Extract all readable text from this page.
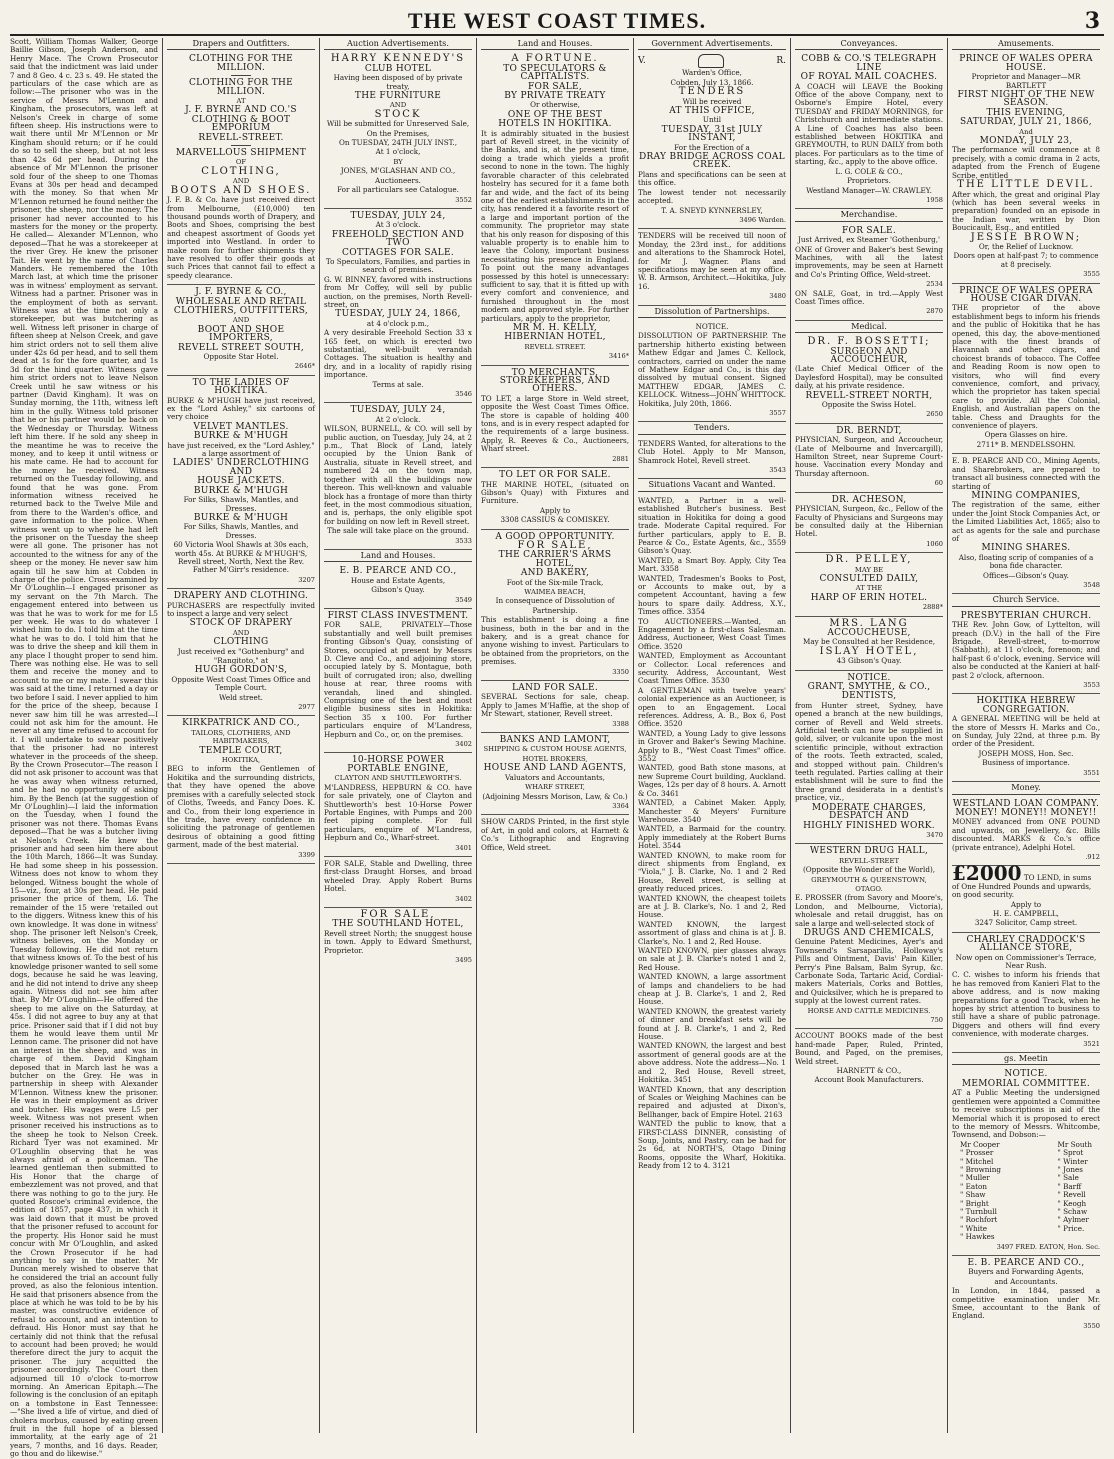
THE WEST COAST TIMES.	3

Scott, William Thomas Walker, George Baillie Gibson, Joseph Anderson, and Henry Mace. The Crown Prosecutor said that the indictment was laid under 7 and 8 Geo. 4 c. 23 s. 49. He stated the particulars of the case which are as follow:—The prisoner who was in the service of Messrs M'Lennon and Kingham, the prosecutors, was left at Nelson's Creek in charge of some fifteen sheep. His instructions were to wait there until Mr M'Lennon or Mr Kingham should return; or if he could do so to sell the sheep, but at not less than 42s 6d per head. During the absence of Mr M'Lennon the prisoner sold four of the sheep to one Thomas Evans at 30s per head and decamped with the money. So that when Mr M'Lennon returned he found neither the prisoner, the sheep, nor the money. The prisoner had never accounted to his masters for the money or the property. He called— Alexander M'Lennon, who deposed—That he was a storekeeper at the river Grey. He knew the prisoner Tait. He went by the name of Charles Manders. He remembered the 10th March last, at which time the prisoner was in witness' employment as servant. Witness had a partner. Prisoner was in the employment of both as servant. Witness was at the time not only a storekeeper, but was butchering as well. Witness left prisoner in charge of fifteen sheep at Nelson Creek, and gave him strict orders not to sell them alive under 42s 6d per head, and to sell them dead at 1s for the fore quarter, and 1s 3d for the hind quarter. Witness gave him strict orders not to leave Nelson Creek until he saw witness or his partner (David Kingham). It was on Sunday morning, the 11th, witness left him in the gully. Witness told prisoner that he or his partner would be back on the Wednesday or Thursday. Witness left him there. If he sold any sheep in the meantime he was to receive the money, and to keep it until witness or his mate came. He had to account for the money he received. Witness returned on the Tuesday following, and found that he was gone. From information witness received he returned back to the Twelve Mile and from there to the Warden's office, and gave information to the police. When witness went up to where he had left the prisoner on the Tuesday the sheep were all gone. The prisoner has not accounted to the witness for any of the sheep or the money. He never saw him again till he saw him at Cobden in charge of the police. Cross-examined by Mr O'Loughlin—I engaged prisoner as my servant on the 7th March. The engagement entered into between us was that he was to work for me for L5 per week. He was to do whatever I wished him to do. I told him at the time what he was to do. I told him that he was to drive the sheep and kill them in any place I thought proper to send him. There was nothing else. He was to sell them and receive the money and to account to me or my mate. I swear this was said at the time. I returned a day or two before I said. I never applied to him for the price of the sheep, because I never saw him till he was arrested—I could not ask him for the amount. He never at any time refused to account for it. I will undertake to swear positively that the prisoner had no interest whatever in the proceeds of the sheep. By the Crown Prosecutor—The reason I did not ask prisoner to account was that he was away when witness returned, and he had no opportunity of asking him. By the Bench (at the suggestion of Mr O'Loughlin)—I laid the information on the Tuesday, when I found the prisoner was not there. Thomas Evans deposed—That he was a butcher living at Nelson's Creek. He knew the prisoner and had seen him there about the 10th March, 1866—It was Sunday. He had some sheep in his possession. Witness does not know to whom they belonged. Witness bought the whole of 15—viz., four, at 30s per head. He paid prisoner the price of them, L6. The remainder of the 15 were 'retailed out to the diggers. Witness knew this of his own knowledge. It was done in witness' shop. The prisoner left Nelson's Creek, witness believes, on the Monday or Tuesday following. He did not return that witness knows of. To the best of his knowledge prisoner wanted to sell some dogs, because he said he was leaving, and he did not intend to drive any sheep again. Witness did not see him after that. By Mr O'Loughlin—He offered the sheep to me alive on the Saturday, at 45s. I did not agree to buy any at that price. Prisoner said that if I did not buy them he would leave them until Mr Lennon came. The prisoner did not have an interest in the sheep, and was in charge of them. David Kingham deposed that in March last he was a butcher on the Grey. He was in partnership in sheep with Alexander M'Lennon. Witness knew the prisoner. He was in their employment as driver and butcher. His wages were L5 per week. Witness was not present when prisoner received his instructions as to the sheep he took to Nelson Creek. Richard Tyer was not examined. Mr O'Loughlin observing that he was always afraid of a policeman. The learned gentleman then submitted to His Honor that the charge of embezzlement was not proved, and that there was nothing to go to the jury. He quoted Roscoe's criminal evidence, the edition of 1857, page 437, in which it was laid down that it must be proved that the prisoner refused to account for the property. His Honor said he must concur with Mr O'Loughlin, and asked the Crown Prosecutor if he had anything to say in the matter. Mr Duncan merely wished to observe that he considered the trial an account fully proved, as also the felonious intention. He said that prisoners absence from the place at which he was told to be by his master, was constructive evidence of refusal to account, and an intention to defraud. His Honor must say that he certainly did not think that the refusal to account had been proved; he would therefore direct the jury to acquit the prisoner. The jury acquitted the prisoner accordingly. The Court then adjourned till 10 o'clock to-morrow morning. An American Epitaph.—The following is the conclusion of an epitaph on a tombstone in East Tennessee:—"She lived a life of virtue, and died of cholera morbus, caused by eating green fruit in the full hope of a blessed immortality, at the early age of 21 years, 7 months, and 16 days. Reader, go thou and do likewise."

Drapers and Outfitters.

CLOTHING FOR THE MILLION.

CLOTHING FOR THE MILLION.

AT

J. F. BYRNE AND CO.'S

CLOTHING & BOOT EMPORIUM

REVELL-STREET.

MARVELLOUS SHIPMENT

OF

CLOTHING,

AND

BOOTS AND SHOES.

J. F. B. & Co. have just received direct from Melbourne, (£10,000) ten thousand pounds worth of Drapery, and Boots and Shoes, comprising the best and cheapest assortment of Goods yet imported into Westland. In order to make room for further shipments they have resolved to offer their goods at such Prices that cannot fail to effect a speedy clearance.

J. F. BYRNE & CO.,

WHOLESALE AND RETAIL

CLOTHIERS, OUTFITTERS,

AND

BOOT AND SHOE IMPORTERS,

REVELL STREET SOUTH,

Opposite Star Hotel.

2646*

TO THE LADIES OF HOKITIKA.

BURKE & M'HUGH have just received, ex the "Lord Ashley," six cartoons of very choice

VELVET MANTLES.

BURKE & M'HUGH

have just received, ex the "Lord Ashley," a large assortment of

LADIES' UNDERCLOTHING AND

HOUSE JACKETS.

BURKE & M'HUGH

For Silks, Shawls, Mantles, and Dresses.

BURKE & M'HUGH

For Silks, Shawls, Mantles, and Dresses.

60 Victoria Wool Shawls at 30s each, worth 45s. At BURKE & M'HUGH'S, Revell street, North, Next the Rev. Father M'Girr's residence.

3207

DRAPERY AND CLOTHING.

PURCHASERS are respectfully invited to inspect a large and very select

STOCK OF DRAPERY

AND

CLOTHING

Just received ex "Gothenburg" and

"Rangitoto," at

HUGH GORDON'S,

Opposite West Coast Times Office and Temple Court.

Weld street.

2977

KIRKPATRICK AND CO.,

TAILORS, CLOTHIERS, AND HABITMAKERS,

TEMPLE COURT,

HOKITIKA,

BEG to inform the Gentlemen of Hokitika and the surrounding districts, that they have opened the above premises with a carefully selected stock of Cloths, Tweeds, and Fancy Does. K. and Co., from their long experience in the trade, have every confidence in soliciting the patronage of gentlemen desirous of obtaining a good fitting garment, made of the best material.

3399

Auction Advertisements.

HARRY KENNEDY'S

CLUB HOTEL

Having been disposed of by private treaty,

THE FURNITURE

AND

STOCK

Will be submitted for Unreserved Sale,

On the Premises,

On TUESDAY, 24TH JULY INST.,

At 1 o'clock,

BY

JONES, M'GLASHAN AND CO.,

Auctioneers.

For all particulars see Catalogue.

3552

TUESDAY, JULY 24,

At 3 o'clock.

FREEHOLD SECTION AND TWO

COTTAGES FOR SALE.

To Speculators, Families, and parties in search of premises.

G. W. BINNEY, favored with instructions from Mr Coffey, will sell by public auction, on the premises, North Revell-street, on

TUESDAY, JULY 24, 1866,

at 4 o'clock p.m.,

A very desirable Freehold Section 33 x 165 feet, on which is erected two substantial, well-built verandah Cottages. The situation is healthy and dry, and in a locality of rapidly rising importance.

Terms at sale.

3546

TUESDAY, JULY 24,

At 2 o'clock.

WILSON, BURNELL, & CO. will sell by public auction, on Tuesday, July 24, at 2 p.m., That Block of Land, lately occupied by the Union Bank of Australia, situate in Revell street, and numbered 24 on the town map, together with all the buildings now thereon. This well-known and valuable block has a frontage of more than thirty feet, in the most commodious situation, and is, perhaps, the only eligible spot for building on now left in Revell street.

The sale will take place on the ground.

3533

Land and Houses.

E. B. PEARCE AND CO.,

House and Estate Agents,

Gibson's Quay.

3549

FIRST CLASS INVESTMENT.

FOR SALE, PRIVATELY—Those substantially and well built premises fronting Gibson's Quay, consisting of Stores, occupied at present by Messrs D. Cleve and Co., and adjoining store, occupied lately by S. Montague, both built of corrugated iron; also, dwelling house at rear, three rooms with verandah, lined and shingled. Comprising one of the best and most eligible business sites in Hokitika: Section 35 x 100. For further particulars enquire of M'Landress, Hepburn and Co., or, on the premises.

3402

10-HORSE POWER PORTABLE ENGINE,

CLAYTON AND SHUTTLEWORTH'S.

M'LANDRESS, HEPBURN & CO. have for sale privately, one of Clayton and Shuttleworth's best 10-Horse Power Portable Engines, with Pumps and 200 feet piping complete. For full particulars, enquire of M'Landress, Hepburn and Co., Wharf-street.

3401

FOR SALE, Stable and Dwelling, three first-class Draught Horses, and broad wheeled Dray. Apply Robert Burns Hotel.

3402

FOR SALE,

THE SOUTHLAND HOTEL,

Revell street North; the snuggest house in town. Apply to Edward Smethurst, Proprietor.

3495

Land and Houses.

A FORTUNE.

TO SPECULATORS & CAPITALISTS.

FOR SALE,

BY PRIVATE TREATY

Or otherwise,

ONE OF THE BEST

HOTELS IN HOKITIKA.

It is admirably situated in the busiest part of Revell street, in the vicinity of the Banks, and is, at the present time, doing a trade which yields a profit second to none in the town. The highly favorable character of this celebrated hostelry has secured for it a fame both far and wide, and the fact of its being one of the earliest establishments in the city, has rendered it a favorite resort of a large and important portion of the community. The proprietor may state that his only reason for disposing of this valuable property is to enable him to leave the Colony, important business necessitating his presence in England. To point out the many advantages possessed by this hotel is unnecessary: sufficient to say, that it is fitted up with every comfort and convenience, and furnished throughout in the most modern and approved style. For further particulars, apply to the proprietor,

MR M. H. KELLY,

HIBERNIAN HOTEL,

REVELL STREET.

3416*

TO MERCHANTS, STOREKEEPERS, AND OTHERS.

TO LET, a large Store in Weld street, opposite the West Coast Times Office. The store is capable of holding 400 tons, and is in every respect adapted for the requirements of a large business. Apply, R. Reeves & Co., Auctioneers, Wharf street.

2881

TO LET OR FOR SALE.

THE MARINE HOTEL, (situated on Gibson's Quay) with Fixtures and Furniture.

Apply to

3308 CASSIUS & COMISKEY.

A GOOD OPPORTUNITY.

FOR SALE,

THE CARRIER'S ARMS HOTEL,

AND BAKERY,

Foot of the Six-mile Track,

WAIMEA BEACH,

In consequence of Dissolution of

Partnership.

This establishment is doing a fine business, both in the bar and in the bakery, and is a great chance for anyone wishing to invest. Particulars to be obtained from the proprietors, on the premises.

3350

LAND FOR SALE.

SEVERAL Sections for sale, cheap. Apply to James M'Haffie, at the shop of Mr Stewart, stationer, Revell street.

3388

BANKS AND LAMONT,

SHIPPING & CUSTOM HOUSE AGENTS,

HOTEL BROKERS,

HOUSE AND LAND AGENTS,

Valuators and Accountants,

WHARF STREET,

(Adjoining Messrs Morison, Law, & Co.)

3364

SHOW CARDS Printed, in the first style of Art, in gold and colors, at Harnett & Co.'s Lithographic and Engraving Office, Weld street.

Government Advertisements.
V.	R.

Warden's Office,

Cobden, July 13, 1866.

TENDERS

Will be received

AT THIS OFFICE,

Until

TUESDAY, 31st JULY INSTANT,

For the Erection of a

DRAY BRIDGE ACROSS COAL CREEK.

Plans and specifications can be seen at this office.

The lowest tender not necessarily accepted.

T. A. SNEYD KYNNERSLEY,

3496 Warden.

TENDERS will be received till noon of Monday, the 23rd inst., for additions and alterations to the Shamrock Hotel, for Mr J. Wagner. Plans and specifications may be seen at my office. W. B. Armson, Architect.—Hokitika, July 16.

3480

Dissolution of Partnerships.

NOTICE.

DISSOLUTION OF PARTNERSHIP. The partnership hitherto existing between Mathew Edgar and James C. Kellock, contractors, carried on under the name of Mathew Edgar and Co., is this day dissolved by mutual consent. Signed MATTHEW EDGAR, JAMES C. KELLOCK. Witness—JOHN WHITTOCK. Hokitika, July 20th, 1866.

3557

Tenders.

TENDERS Wanted, for alterations to the Club Hotel. Apply to Mr Manson, Shamrock Hotel, Revell street.

3543

Situations Vacant and Wanted.

WANTED, a Partner in a well-established Butcher's business. Best situation in Hokitika for doing a good trade. Moderate Capital required. For further particulars, apply to E. B. Pearce & Co., Estate Agents, &c., 3559 Gibson's Quay.

WANTED, a Smart Boy. Apply, City Tea Mart. 3358

WANTED, Tradesmen's Books to Post, or Accounts to make out, by a competent Accountant, having a few hours to spare daily. Address, X.Y., Times office. 3354

TO AUCTIONEERS.—Wanted, an Engagement by a first-class Salesman. Address, Auctioneer, West Coast Times Office. 3520

WANTED, Employment as Accountant or Collector. Local references and security. Address, Accountant, West Coast Times Office. 3530

A GENTLEMAN with twelve years' colonial experience as an Auctioneer, is open to an Engagement. Local references. Address, A. B., Box 6, Post Office. 3520

WANTED, a Young Lady to give lessons in Grover and Baker's Sewing Machine. Apply to B., "West Coast Times" office. 3552

WANTED, good Bath stone masons, at new Supreme Court building, Auckland. Wages, 12s per day of 8 hours. A. Arnott & Co. 3461

WANTED, a Cabinet Maker. Apply, Manchester & Meyers' Furniture Warehouse. 3540

WANTED, a Barmaid for the country. Apply immediately at the Robert Burns Hotel. 3544

WANTED KNOWN, to make room for direct shipments from England, ex "Viola," J. B. Clarke, No. 1 and 2 Red House, Revell street, is selling at greatly reduced prices.

WANTED KNOWN, the cheapest toilets are at J. B. Clarke's, No. 1 and 2, Red House.

WANTED KNOWN, the largest assortment of glass and china is at J. B. Clarke's, No. 1 and 2, Red House.

WANTED KNOWN, pier glasses always on sale at J. B. Clarke's noted 1 and 2, Red House.

WANTED KNOWN, a large assortment of lamps and chandeliers to be had cheap at J. B. Clarke's, 1 and 2, Red House.

WANTED KNOWN, the greatest variety of dinner and breakfast sets will be found at J. B. Clarke's, 1 and 2, Red House.

WANTED KNOWN, the largest and best assortment of general goods are at the above address. Note the address—No. 1 and 2, Red House, Revell street, Hokitika. 3451

WANTED Known, that any description of Scales or Weighing Machines can be repaired and adjusted at Dixon's, Bellhanger, back of Empire Hotel. 2163

WANTED the public to know, that a FIRST-CLASS DINNER, consisting of Soup, Joints, and Pastry, can be had for 2s 6d, at NORTH'S, Otago Dining Rooms, opposite the Wharf, Hokitika. Ready from 12 to 4. 3121

Conveyances.

COBB & CO.'S TELEGRAPH LINE

OF ROYAL MAIL COACHES.

A COACH will LEAVE the Booking Office of the above Company, next to Osborne's Empire Hotel, every TUESDAY and FRIDAY MORNINGS, for Christchurch and intermediate stations. A Line of Coaches has also been established between HOKITIKA and GREYMOUTH, to RUN DAILY from both places. For particulars as to the time of starting, &c., apply to the above office.

L. G. COLE & CO.,

Proprietors.

Westland Manager—W. CRAWLEY.

1958

Merchandise.

FOR SALE.

Just Arrived, ex Steamer 'Gothenburg,'

ONE of Grover and Baker's best Sewing Machines, with all the latest improvements, may be seen at Harnett and Co's Printing Office, Weld-street.

2534

ON SALE, Goat, in trd.—Apply West Coast Times office.

2870

Medical.

DR. F. BOSSETTI;

SURGEON AND ACCOUCHEUR,

(Late Chief Medical Officer of the Daylesford Hospital), may be consulted daily, at his private residence.

REVELL-STREET NORTH,

Opposite the Swiss Hotel.

2650

DR. BERNDT,

PHYSICIAN, Surgeon, and Accoucheur, (Late of Melbourne and Invercargill), Hamilton Street, near Supreme Court-house. Vaccination every Monday and Thursday afternoon.

60

DR. ACHESON,

PHYSICIAN, Surgeon, &c., Fellow of the Faculty of Physicians and Surgeons may be consulted daily at the Hibernian Hotel.

1060

DR. PELLEY,

MAY BE

CONSULTED DAILY,

AT THE

HARP OF ERIN HOTEL.

2888*

MRS. LANG

ACCOUCHEUSE,

May be Consulted at her Residence,

ISLAY HOTEL,

43 Gibson's Quay.

NOTICE.

GRANT, SMYTHE, & CO.,

DENTISTS,

from Hunter street, Sydney, have opened a branch at the new buildings, corner of Revell and Weld streets. Artificial teeth can now be supplied in gold, silver, or vulcanite upon the most scientific principle, without extraction of the roots. Teeth extracted, scaled, and stopped without pain. Children's teeth regulated. Parties calling at their establishment will be sure to find the three grand desiderata in a dentist's practice, viz.,

MODERATE CHARGES, DESPATCH AND

HIGHLY FINISHED WORK.

3470

WESTERN DRUG HALL,

REVELL-STREET

(Opposite the Wonder of the World),

GREYMOUTH & QUEENSTOWN,

OTAGO.

E. PROSSER (from Savory and Moore's, London, and Melbourne, Victoria), wholesale and retail druggist, has on sale a large and well-selected stock of

DRUGS AND CHEMICALS,

Genuine Patent Medicines, Ayer's and Townsend's Sarsaparilla, Holloway's Pills and Ointment, Davis' Pain Killer, Perry's Pine Balsam, Balm Syrup, &c. Carbonate Soda, Tartaric Acid, Cordial-makers Materials, Corks and Bottles, and Quicksilver, which he is prepared to supply at the lowest current rates.

HORSE AND CATTLE MEDICINES.

750

ACCOUNT BOOKS made of the best hand-made Paper, Ruled, Printed, Bound, and Paged, on the premises, Weld street.

HARNETT & CO.,

Account Book Manufacturers.

Amusements.

PRINCE OF WALES OPERA HOUSE.

Proprietor and Manager—MR BARTLETT

FIRST NIGHT OF THE NEW SEASON.

THIS EVENING,

SATURDAY, JULY 21, 1866,

And

MONDAY, JULY 23,

The performance will commence at 8 precisely, with a comic drama in 2 acts, adapted from the French of Eugene Scribe, entitled

THE LITTLE DEVIL.

After which, the great and original Play (which has been several weeks in preparation) founded on an episode in the Indian war, written by Dion Boucicault, Esq., and entitled

JESSIE BROWN;

Or, the Relief of Lucknow.

Doors open at half-past 7; to commence at 8 precisely.

3555

PRINCE OF WALES OPERA HOUSE CIGAR DIVAN.

THE proprietor of the above establishment begs to inform his friends and the public of Hokitika that he has opened, this day, the above-mentioned place with the finest brands of Havannah and other cigars, and choicest brands of tobacco. The Coffee and Reading Room is now open to visitors, who will find every convenience, comfort, and privacy, which the proprietor has taken special care to provide. All the Colonial, English, and Australian papers on the table. Chess and Draughts for the convenience of players.

Opera Glasses on hire.

2711* B. MENDELSSOHN.

E. B. PEARCE AND CO., Mining Agents, and Sharebrokers, are prepared to transact all business connected with the starting of

MINING COMPANIES,

The registration of the same, either under the Joint Stock Companies Act, or the Limited Liabilities Act, 1865; also to act as agents for the sale and purchase of

MINING SHARES.

Also, floating scrip of companies of a bona fide character.

Offices—Gibson's Quay.

3548

Church Service.

PRESBYTERIAN CHURCH.

THE Rev. John Gow, of Lyttelton, will preach (D.V.) in the hall of the Fire Brigade, Revell-street, to-morrow (Sabbath), at 11 o'clock, forenoon; and half-past 6 o'clock, evening. Service will also be conducted at the Kanieri at half-past 2 o'clock, afternoon.

3553

HOKITIKA HEBREW CONGREGATION.

A GENERAL MEETING will be held at the store of Messrs H. Marks and Co., on Sunday, July 22nd, at three p.m. By order of the President.

JOSEPH MOSS, Hon. Sec.

Business of importance.

3551

Money.

WESTLAND LOAN COMPANY.

MONEY! MONEY!! MONEY!!

MONEY advanced from ONE POUND and upwards, on Jewellery, &c. Bills discounted. MARKS & Co.'s office (private entrance), Adelphi Hotel.

.912

£2000 TO LEND, in sums of One Hundred Pounds and upwards, on good security.

Apply to

H. E. CAMPBELL,

3247 Solicitor, Camp street.

CHARLEY CRADDOCK'S ALLIANCE STORE,

Now open on Commissioner's Terrace, Near Rush.

C. C. wishes to inform his friends that he has removed from Kanieri Flat to the above address, and is now making preparations for a good Track, when he hopes by strict attention to business to still have a share of public patronage. Diggers and others will find every convenience, with moderate charges.

3521

gs. Meetin

NOTICE.

MEMORIAL COMMITTEE.

AT a Public Meeting the undersigned gentlemen were appointed a Committee to receive subscriptions in aid of the Memorial which it is proposed to erect to the memory of Messrs. Whitcombe, Townsend, and Dobson:—

Mr Cooper
" Prosser
" Mitchel
" Browning
" Muller
" Eaton
" Shaw
" Bright
" Turnbull
" Rochfort
" White
" Hawkes
Mr South
" Sprot
" Winter
" Jones
" Sale
" Barff
" Revell
" Keogh
" Schaw
" Aylmer
" Price.

3497 FRED. EATON, Hon. Sec.

E. B. PEARCE AND CO.,

Buyers and Forwarding Agents,

and Accountants.

In London, in 1844, passed a competitive examination under Mr. Smee, accountant to the Bank of England.

3550
